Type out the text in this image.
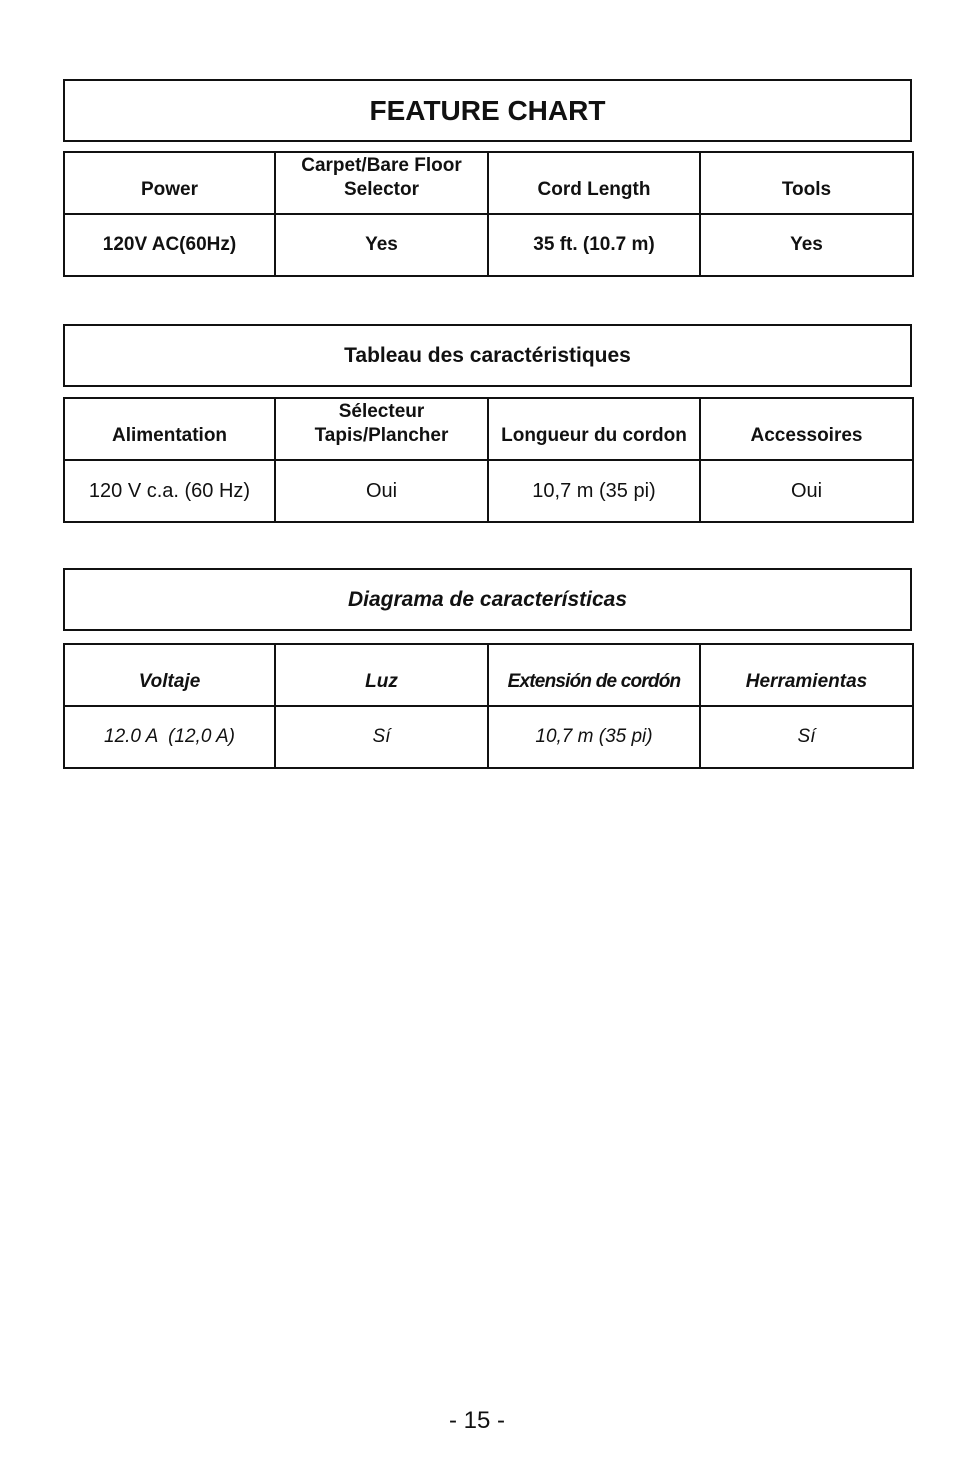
FEATURE CHART
Power	Carpet/Bare Floor Selector	Cord Length	Tools
120V AC(60Hz)	Yes	35 ft. (10.7 m)	Yes
Tableau des caractéristiques
Alimentation	Sélecteur Tapis/Plancher	Longueur du cordon	Accessoires
120 V c.a. (60 Hz)	Oui	10,7 m (35 pi)	Oui
Diagrama de características
Voltaje	Luz	Extensión de cordón	Herramientas
12.0 A  (12,0 A)	Sí	10,7 m (35 pi)	Sí
- 15 -
